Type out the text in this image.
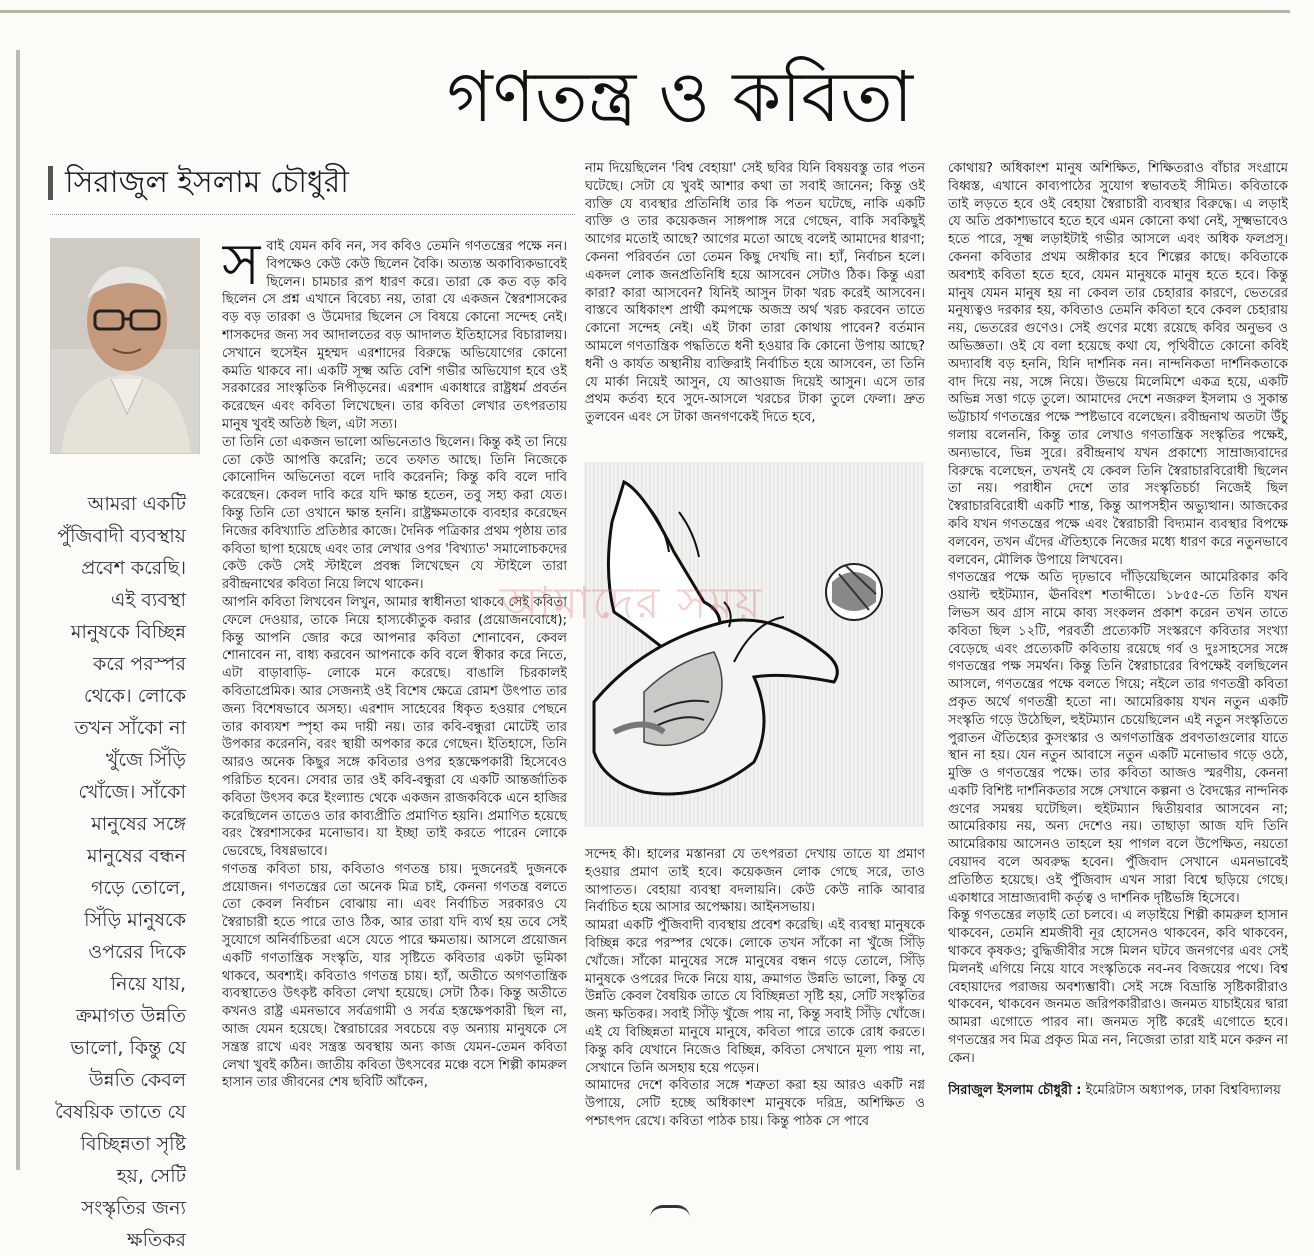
গণতন্ত্র ও কবিতা
সিরাজুল ইসলাম চৌধুরী
আমরা একটি পুঁজিবাদী ব্যবস্থায় প্রবেশ করেছি। এই ব্যবস্থা মানুষকে বিচ্ছিন্ন করে পরস্পর থেকে। লোকে তখন সাঁকো না খুঁজে সিঁড়ি খোঁজে। সাঁকো মানুষের সঙ্গে মানুষের বন্ধন গড়ে তোলে, সিঁড়ি মানুষকে ওপরের দিকে নিয়ে যায়, ক্রমাগত উন্নতি ভালো, কিন্তু যে উন্নতি কেবল বৈষয়িক তাতে যে বিচ্ছিন্নতা সৃষ্টি হয়, সেটি সংস্কৃতির জন্য ক্ষতিকর
স বাই যেমন কবি নন, সব কবিও তেমনি গণতন্ত্রের পক্ষে নন। বিপক্ষেও কেউ কেউ ছিলেন বৈকি। অত্যন্ত অকাব্যিকভাবেই ছিলেন। চামচার রূপ ধারণ করে। তারা কে কত বড় কবি ছিলেন সে প্রশ্ন এখানে বিবেচ্য নয়, তারা যে একজন স্বৈরশাসকের বড় বড় তারকা ও উমেদার ছিলেন সে বিষয়ে কোনো সন্দেহ নেই। শাসকদের জন্য সব আদালতের বড় আদালত ইতিহাসের বিচারালয়। সেখানে হুসেইন মুহম্মদ এরশাদের বিরুদ্ধে অভিযোগের কোনো কমতি থাকবে না। একটি সূক্ষ্ম অতি বেশি গভীর অভিযোগ হবে ওই সরকারের সাংস্কৃতিক নিপীড়নের। এরশাদ একাধারে রাষ্ট্রধর্ম প্রবর্তন করেছেন এবং কবিতা লিখেছেন। তার কবিতা লেখার তৎপরতায় মানুষ খুবই অতিষ্ঠ ছিল, এটা সত্য।

তা তিনি তো একজন ভালো অভিনেতাও ছিলেন। কিন্তু কই তা নিয়ে তো কেউ আপত্তি করেনি; তবে তফাত আছে। তিনি নিজেকে কোনোদিন অভিনেতা বলে দাবি করেননি; কিন্তু কবি বলে দাবি করেছেন। কেবল দাবি করে যদি ক্ষান্ত হতেন, তবু সহ্য করা যেত। কিন্তু তিনি তো ওখানে ক্ষান্ত হননি। রাষ্ট্রক্ষমতাকে ব্যবহার করেছেন নিজের কবিখ্যাতি প্রতিষ্ঠার কাজে। দৈনিক পত্রিকার প্রথম পৃষ্ঠায় তার কবিতা ছাপা হয়েছে এবং তার লেখার ওপর 'বিখ্যাত' সমালোচকদের কেউ কেউ সেই স্টাইলে প্রবন্ধ লিখেছেন যে স্টাইলে তারা রবীন্দ্রনাথের কবিতা নিয়ে লিখে থাকেন।

আপনি কবিতা লিখবেন লিখুন, আমার স্বাধীনতা থাকবে সেই কবিতা ফেলে দেওয়ার, তাকে নিয়ে হাস্যকৌতুক করার (প্রয়োজনবোধে); কিন্তু আপনি জোর করে আপনার কবিতা শোনাবেন, কেবল শোনাবেন না, বাধ্য করবেন আপনাকে কবি বলে স্বীকার করে নিতে, এটা বাড়াবাড়ি- লোকে মনে করেছে। বাঙালি চিরকালই কবিতাপ্রেমিক। আর সেজন্যই ওই বিশেষ ক্ষেত্রে রোমশ উৎপাত তার জন্য বিশেষভাবে অসহ্য। এরশাদ সাহেবের ধিকৃত হওয়ার পেছনে তার কাব্যযশ স্পৃহা কম দায়ী নয়। তার কবি-বন্ধুরা মোটেই তার উপকার করেননি, বরং স্থায়ী অপকার করে গেছেন। ইতিহাসে, তিনি আরও অনেক কিছুর সঙ্গে কবিতার ওপর হস্তক্ষেপকারী হিসেবেও পরিচিত হবেন। সেবার তার ওই কবি-বন্ধুরা যে একটি আন্তর্জাতিক কবিতা উৎসব করে ইংল্যান্ড থেকে একজন রাজকবিকে এনে হাজির করেছিলেন তাতেও তার কাব্যপ্রীতি প্রমাণিত হয়নি। প্রমাণিত হয়েছে বরং স্বৈরশাসকের মনোভাব। যা ইচ্ছা তাই করতে পারেন লোকে ভেবেছে, বিষণ্ণভাবে।

গণতন্ত্র কবিতা চায়, কবিতাও গণতন্ত্র চায়। দুজনেরই দুজনকে প্রয়োজন। গণতন্ত্রের তো অনেক মিত্র চাই, কেননা গণতন্ত্র বলতে তো কেবল নির্বাচন বোঝায় না। এবং নির্বাচিত সরকারও যে স্বৈরাচারী হতে পারে তাও ঠিক, আর তারা যদি ব্যর্থ হয় তবে সেই সুযোগে অনির্বাচিতরা এসে যেতে পারে ক্ষমতায়। আসলে প্রয়োজন একটি গণতান্ত্রিক সংস্কৃতি, যার সৃষ্টিতে কবিতার একটা ভূমিকা থাকবে, অবশ্যই। কবিতাও গণতন্ত্র চায়। হ্যাঁ, অতীতে অগণতান্ত্রিক ব্যবস্থাতেও উৎকৃষ্ট কবিতা লেখা হয়েছে। সেটা ঠিক। কিন্তু অতীতে কখনও রাষ্ট্র এমনভাবে সর্বত্রগামী ও সর্বত্র হস্তক্ষেপকারী ছিল না, আজ যেমন হয়েছে। স্বৈরাচারের সবচেয়ে বড় অন্যায় মানুষকে সে সন্ত্রস্ত রাখে এবং সন্ত্রস্ত অবস্থায় অন্য কাজ যেমন-তেমন কবিতা লেখা খুবই কঠিন। জাতীয় কবিতা উৎসবের মঞ্চে বসে শিল্পী কামরুল হাসান তার জীবনের শেষ ছবিটি আঁকেন,

নাম দিয়েছিলেন 'বিশ্ব বেহায়া' সেই ছবির যিনি বিষয়বস্তু তার পতন ঘটেছে। সেটা যে খুবই আশার কথা তা সবাই জানেন; কিন্তু ওই ব্যক্তি যে ব্যবস্থার প্রতিনিধি তার কি পতন ঘটেছে, নাকি একটি ব্যক্তি ও তার কয়েকজন সাঙ্গপাঙ্গ সরে গেছেন, বাকি সবকিছুই আগের মতোই আছে? আগের মতো আছে বলেই আমাদের ধারণা; কেননা পরিবর্তন তো তেমন কিছু দেখছি না। হ্যাঁ, নির্বাচন হলে। একদল লোক জনপ্রতিনিধি হয়ে আসবেন সেটাও ঠিক। কিন্তু এরা কারা? কারা আসবেন? যিনিই আসুন টাকা খরচ করেই আসবেন। বাস্তবে অধিকাংশ প্রার্থী কমপক্ষে অজস্র অর্থ খরচ করবেন তাতে কোনো সন্দেহ নেই। এই টাকা তারা কোথায় পাবেন? বর্তমান আমলে গণতান্ত্রিক পদ্ধতিতে ধনী হওয়ার কি কোনো উপায় আছে? ধনী ও কার্যত অস্থানীয় ব্যক্তিরাই নির্বাচিত হয়ে আসবেন, তা তিনি যে মার্কা নিয়েই আসুন, যে আওয়াজ দিয়েই আসুন। এসে তার প্রথম কর্তব্য হবে সুদে-আসলে খরচের টাকা তুলে ফেলা। দ্রুত তুলবেন এবং সে টাকা জনগণকেই দিতে হবে,

আমাদের সময়

সন্দেহ কী। হালের মস্তানরা যে তৎপরতা দেখায় তাতে যা প্রমাণ হওয়ার প্রমাণ তাই হবে। কয়েকজন লোক গেছে সরে, তাও আপাতত। বেহায়া ব্যবস্থা বদলায়নি। কেউ কেউ নাকি আবার নির্বাচিত হয়ে আসার অপেক্ষায়। আইনসভায়।

আমরা একটি পুঁজিবাদী ব্যবস্থায় প্রবেশ করেছি। এই ব্যবস্থা মানুষকে বিচ্ছিন্ন করে পরস্পর থেকে। লোকে তখন সাঁকো না খুঁজে সিঁড়ি খোঁজে। সাঁকো মানুষের সঙ্গে মানুষের বন্ধন গড়ে তোলে, সিঁড়ি মানুষকে ওপরের দিকে নিয়ে যায়, ক্রমাগত উন্নতি ভালো, কিন্তু যে উন্নতি কেবল বৈষয়িক তাতে যে বিচ্ছিন্নতা সৃষ্টি হয়, সেটি সংস্কৃতির জন্য ক্ষতিকর। সবাই সিঁড়ি খুঁজে পায় না, কিন্তু সবাই সিঁড়ি খোঁজে। এই যে বিচ্ছিন্নতা মানুষে মানুষে, কবিতা পারে তাকে রোধ করতে। কিন্তু কবি যেখানে নিজেও বিচ্ছিন্ন, কবিতা সেখানে মূল্য পায় না, সেখানে তিনি অসহায় হয়ে পড়েন।

আমাদের দেশে কবিতার সঙ্গে শত্রুতা করা হয় আরও একটি নগ্ন উপায়ে, সেটি হচ্ছে অধিকাংশ মানুষকে দরিদ্র, অশিক্ষিত ও পশ্চাৎপদ রেখে। কবিতা পাঠক চায়। কিন্তু পাঠক সে পাবে

কোথায়? অধিকাংশ মানুষ অশিক্ষিত, শিক্ষিতরাও বাঁচার সংগ্রামে বিধ্বস্ত, এখানে কাব্যপাঠের সুযোগ স্বভাবতই সীমিত। কবিতাকে তাই লড়তে হবে ওই বেহায়া স্বৈরাচারী ব্যবস্থার বিরুদ্ধে। এ লড়াই যে অতি প্রকাশ্যভাবে হতে হবে এমন কোনো কথা নেই, সূক্ষ্মভাবেও হতে পারে, সূক্ষ্ম লড়াইটাই গভীর আসলে এবং অধিক ফলপ্রসূ। কেননা কবিতার প্রথম অঙ্গীকার হবে শিল্পের কাছে। কবিতাকে অবশ্যই কবিতা হতে হবে, যেমন মানুষকে মানুষ হতে হবে। কিন্তু মানুষ যেমন মানুষ হয় না কেবল তার চেহারার কারণে, ভেতরের মনুষ্যত্বও দরকার হয়, কবিতাও তেমনি কবিতা হবে কেবল চেহারায় নয়, ভেতরের গুণেও। সেই গুণের মধ্যে রয়েছে কবির অনুভব ও অভিজ্ঞতা। ওই যে বলা হয়েছে কথা যে, পৃথিবীতে কোনো কবিই অদ্যাবধি বড় হননি, যিনি দার্শনিক নন। নান্দনিকতা দার্শনিকতাকে বাদ দিয়ে নয়, সঙ্গে নিয়ে। উভয়ে মিলেমিশে একত্র হয়ে, একটি অভিন্ন সত্তা গড়ে তুলে। আমাদের দেশে নজরুল ইসলাম ও সুকান্ত ভট্টাচার্য গণতন্ত্রের পক্ষে স্পষ্টভাবে বলেছেন। রবীন্দ্রনাথ অতটা উঁচু গলায় বলেননি, কিন্তু তার লেখাও গণতান্ত্রিক সংস্কৃতির পক্ষেই, অন্যভাবে, ভিন্ন সুরে। রবীন্দ্রনাথ যখন প্রকাশ্যে সাম্রাজ্যবাদের বিরুদ্ধে বলেছেন, তখনই যে কেবল তিনি স্বৈরাচারবিরোধী ছিলেন তা নয়। পরাধীন দেশে তার সংস্কৃতিচর্চা নিজেই ছিল স্বৈরাচারবিরোধী একটি শান্ত, কিন্তু আপসহীন অভ্যুত্থান। আজকের কবি যখন গণতন্ত্রের পক্ষে এবং স্বৈরাচারী বিদ্যমান ব্যবস্থার বিপক্ষে বলবেন, তখন এঁদের ঐতিহ্যকে নিজের মধ্যে ধারণ করে নতুনভাবে বলবেন, মৌলিক উপায়ে লিখবেন।

গণতন্ত্রের পক্ষে অতি দৃঢ়ভাবে দাঁড়িয়েছিলেন আমেরিকার কবি ওয়াল্ট হুইটম্যান, ঊনবিংশ শতাব্দীতে। ১৮৫৫-তে তিনি যখন লিভস অব গ্রাস নামে কাব্য সংকলন প্রকাশ করেন তখন তাতে কবিতা ছিল ১২টি, পরবর্তী প্রত্যেকটি সংস্করণে কবিতার সংখ্যা বেড়েছে এবং প্রত্যেকটি কবিতায় রয়েছে গর্ব ও দুঃসাহসের সঙ্গে গণতন্ত্রের পক্ষ সমর্থন। কিন্তু তিনি স্বৈরাচারের বিপক্ষেই বলছিলেন আসলে, গণতন্ত্রের পক্ষে বলতে গিয়ে; নইলে তার গণতন্ত্রী কবিতা প্রকৃত অর্থে গণতন্ত্রী হতো না। আমেরিকায় যখন নতুন একটি সংস্কৃতি গড়ে উঠেছিল, হুইটম্যান চেয়েছিলেন এই নতুন সংস্কৃতিতে পুরাতন ঐতিহ্যের কুসংস্কার ও অগণতান্ত্রিক প্রবণতাগুলোর যাতে স্থান না হয়। যেন নতুন আবাসে নতুন একটি মনোভাব গড়ে ওঠে, মুক্তি ও গণতন্ত্রের পক্ষে। তার কবিতা আজও স্মরণীয়, কেননা একটি বিশিষ্ট দার্শনিকতার সঙ্গে সেখানে কল্পনা ও বৈদগ্ধের নান্দনিক গুণের সমন্বয় ঘটেছিল। হুইটম্যান দ্বিতীয়বার আসবেন না; আমেরিকায় নয়, অন্য দেশেও নয়। তাছাড়া আজ যদি তিনি আমেরিকায় আসেনও তাহলে হয় পাগল বলে উপেক্ষিত, নয়তো বেয়াদব বলে অবরুদ্ধ হবেন। পুঁজিবাদ সেখানে এমনভাবেই প্রতিষ্ঠিত হয়েছে। ওই পুঁজিবাদ এখন সারা বিশ্বে ছড়িয়ে গেছে। একাধারে সাম্রাজ্যবাদী কর্তৃত্ব ও দার্শনিক দৃষ্টিভঙ্গি হিসেবে।

কিন্তু গণতন্ত্রের লড়াই তো চলবে। এ লড়াইয়ে শিল্পী কামরুল হাসান থাকবেন, তেমনি শ্রমজীবী নূর হোসেনও থাকবেন, কবি থাকবেন, থাকবে কৃষকও; বুদ্ধিজীবীর সঙ্গে মিলন ঘটবে জনগণের এবং সেই মিলনই এগিয়ে নিয়ে যাবে সংস্কৃতিকে নব-নব বিজয়ের পথে। বিশ্ব বেহায়াদের পরাজয় অবশ্যম্ভাবী। সেই সঙ্গে বিভ্রান্তি সৃষ্টিকারীরাও থাকবেন, থাকবেন জনমত জরিপকারীরাও। জনমত যাচাইয়ের দ্বারা আমরা এগোতে পারব না। জনমত সৃষ্টি করেই এগোতে হবে। গণতন্ত্রের সব মিত্র প্রকৃত মিত্র নন, নিজেরা তারা যাই মনে করুন না কেন।

সিরাজুল ইসলাম চৌধুরী : ইমেরিটাস অধ্যাপক, ঢাকা বিশ্ববিদ্যালয়
